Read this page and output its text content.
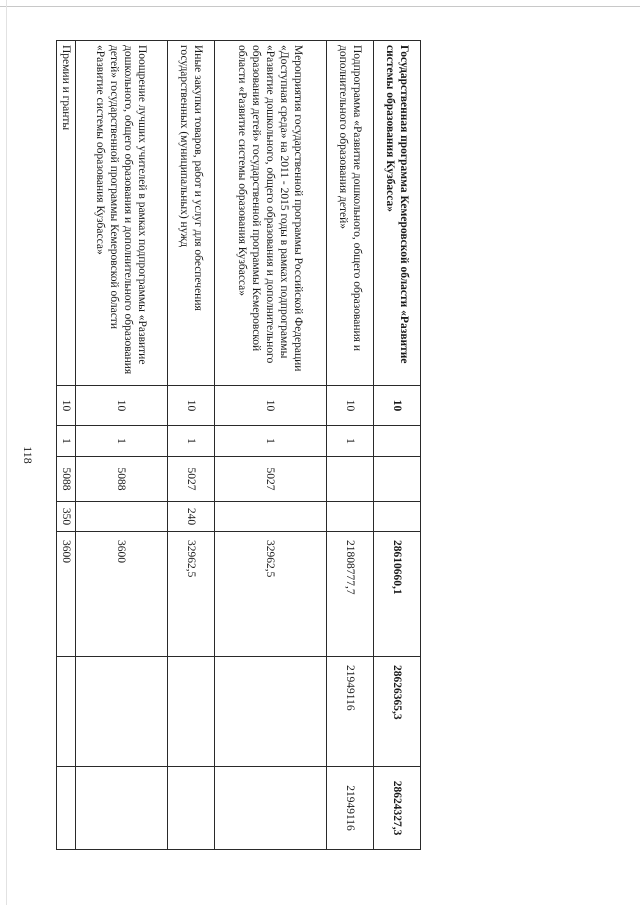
118
Государственная программа Кемеровской области «Развитие системы образования Кузбасса»	10				28610660,1	28626365,3	28624327,3
Подпрограмма «Развитие дошкольного, общего образования и дополнительного образования детей»	10	1			21808777,7	21949116	21949116
Мероприятия государственной программы Российской Федерации «Доступная среда» на 2011 - 2015 годы в рамках подпрограммы «Развитие дошкольного, общего образования и дополнительного образования детей» государственной программы Кемеровской области «Развитие системы образования Кузбасса»	10	1	5027		32962,5		
Иные закупки товаров, работ и услуг для обеспечения государственных (муниципальных) нужд	10	1	5027	240	32962,5		
Поощрение лучших учителей в рамках подпрограммы «Развитие дошкольного, общего образования и дополнительного образования детей» государственной программы Кемеровской области «Развитие системы образования Кузбасса»	10	1	5088		3600		
Премии и гранты	10	1	5088	350	3600		
